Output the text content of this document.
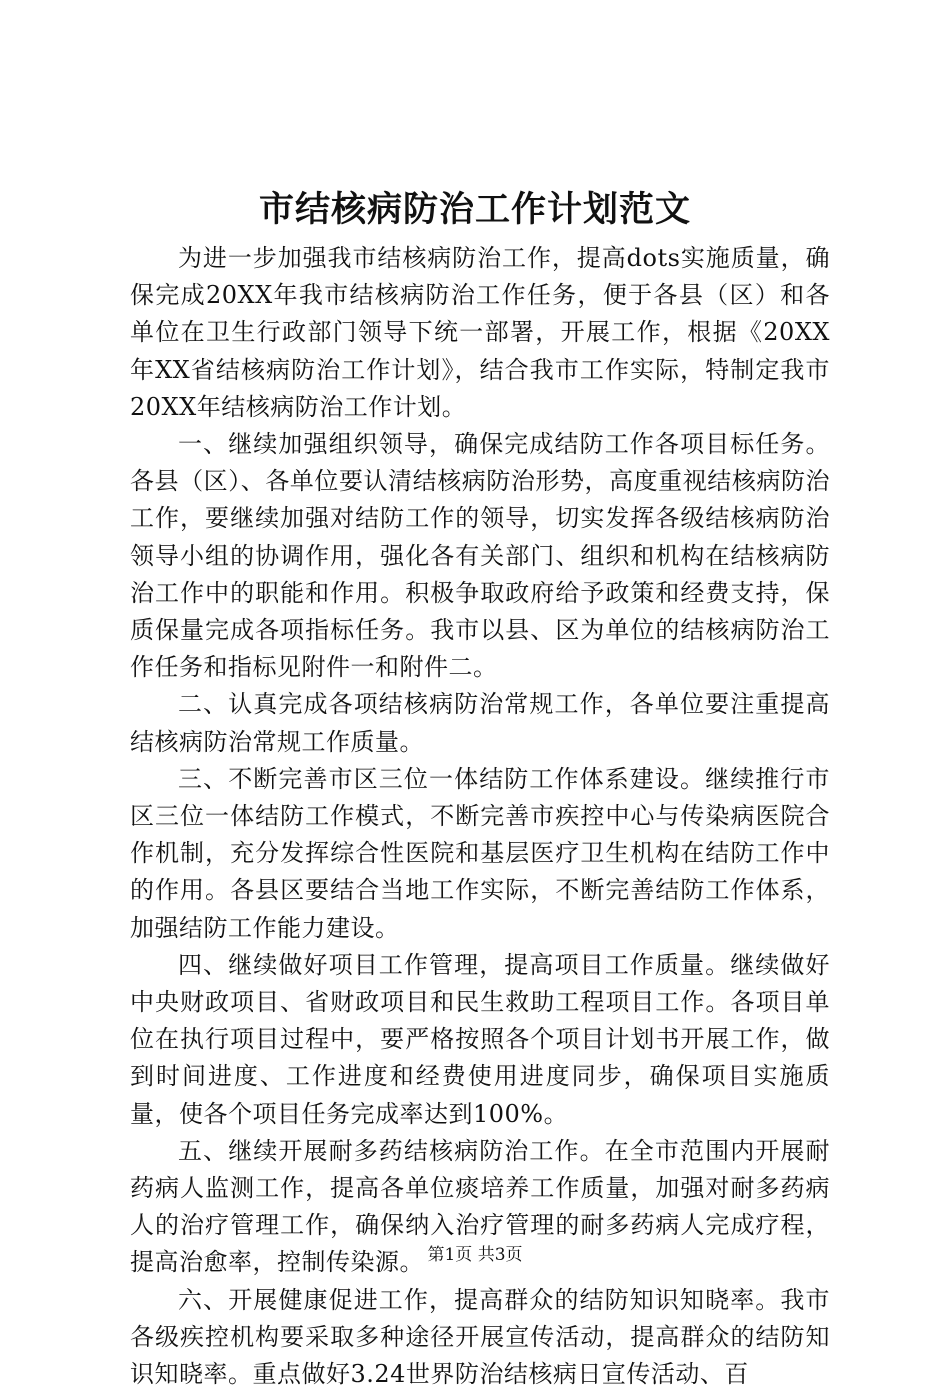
市结核病防治工作计划范文

为进一步加强我市结核病防治工作，提高dots实施质量，确保完成20XX年我市结核病防治工作任务，便于各县（区）和各单位在卫生行政部门领导下统一部署，开展工作，根据《20XX年XX省结核病防治工作计划》，结合我市工作实际，特制定我市20XX年结核病防治工作计划。

一、继续加强组织领导，确保完成结防工作各项目标任务。各县（区）、各单位要认清结核病防治形势，高度重视结核病防治工作，要继续加强对结防工作的领导，切实发挥各级结核病防治领导小组的协调作用，强化各有关部门、组织和机构在结核病防治工作中的职能和作用。积极争取政府给予政策和经费支持，保质保量完成各项指标任务。我市以县、区为单位的结核病防治工作任务和指标见附件一和附件二。

二、认真完成各项结核病防治常规工作，各单位要注重提高结核病防治常规工作质量。

三、不断完善市区三位一体结防工作体系建设。继续推行市区三位一体结防工作模式，不断完善市疾控中心与传染病医院合作机制，充分发挥综合性医院和基层医疗卫生机构在结防工作中的作用。各县区要结合当地工作实际，不断完善结防工作体系，加强结防工作能力建设。

四、继续做好项目工作管理，提高项目工作质量。继续做好中央财政项目、省财政项目和民生救助工程项目工作。各项目单位在执行项目过程中，要严格按照各个项目计划书开展工作，做到时间进度、工作进度和经费使用进度同步，确保项目实施质量，使各个项目任务完成率达到100%。

五、继续开展耐多药结核病防治工作。在全市范围内开展耐药病人监测工作，提高各单位痰培养工作质量，加强对耐多药病人的治疗管理工作，确保纳入治疗管理的耐多药病人完成疗程，提高治愈率，控制传染源。

六、开展健康促进工作，提高群众的结防知识知晓率。我市各级疾控机构要采取多种途径开展宣传活动，提高群众的结防知识知晓率。重点做好3.24世界防治结核病日宣传活动、百

第1页 共3页
